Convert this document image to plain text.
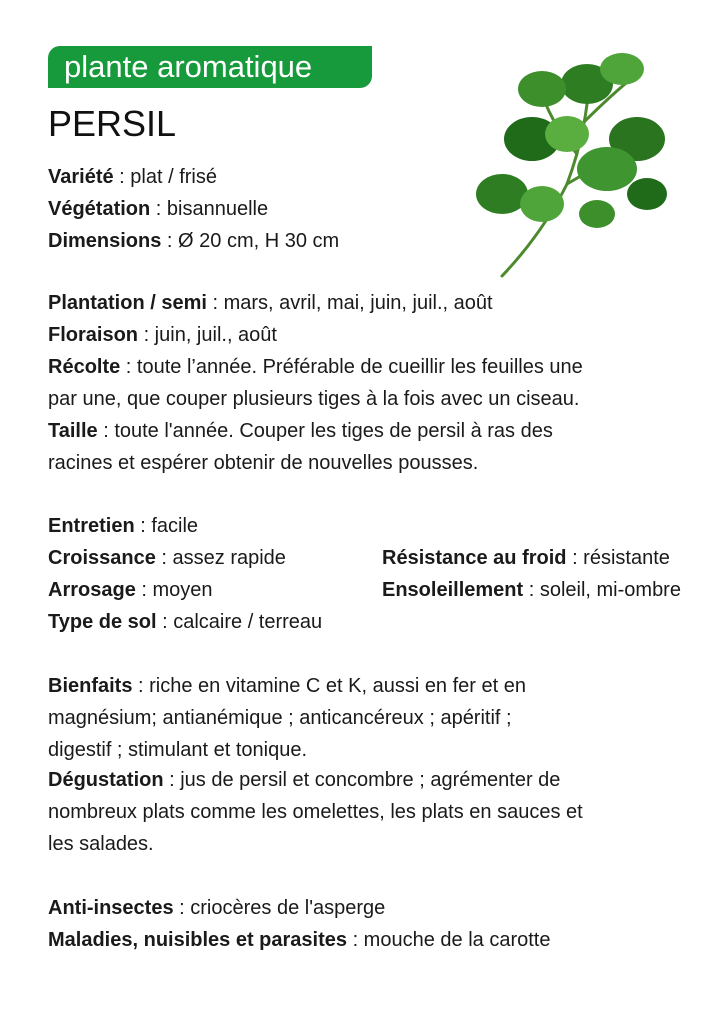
plante aromatique
PERSIL
Variété : plat / frisé
Végétation : bisannuelle
Dimensions : Ø 20 cm, H 30 cm
Plantation / semi : mars, avril, mai, juin, juil., août
Floraison : juin, juil., août
Récolte : toute l’année. Préférable de cueillir les feuilles une
par une, que couper plusieurs tiges à la fois avec un ciseau.
Taille : toute l'année. Couper les tiges de persil à ras des
racines et espérer obtenir de nouvelles pousses.
Entretien : facile
Croissance : assez rapide	Résistance au froid : résistante
Arrosage : moyen	Ensoleillement : soleil, mi-ombre
Type de sol : calcaire / terreau
Bienfaits : riche en vitamine C et K, aussi en fer et en
magnésium; antianémique ; anticancéreux ; apéritif ;
digestif ; stimulant et tonique.
Dégustation : jus de persil et concombre ; agrémenter de
nombreux plats comme les omelettes, les plats en sauces et
les salades.
Anti-insectes : criocères de l'asperge
Maladies, nuisibles et parasites : mouche de la carotte
